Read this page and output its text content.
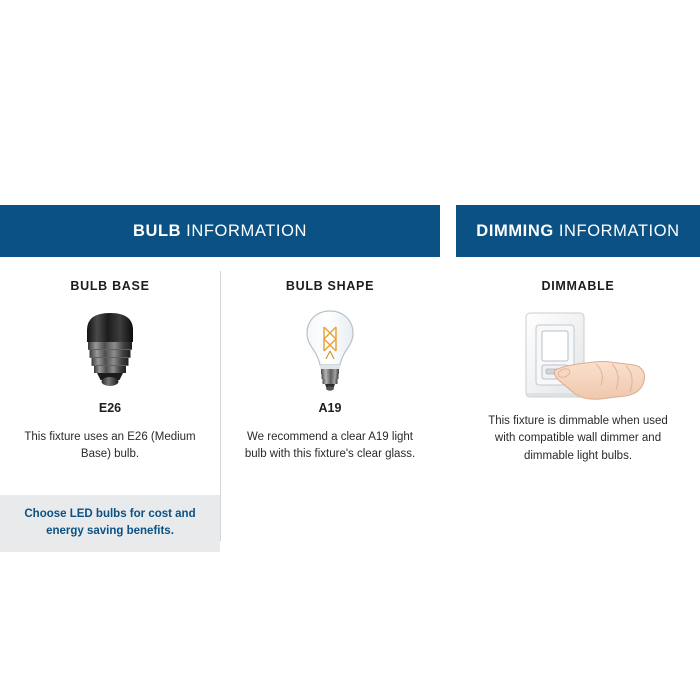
BULB INFORMATION
BULB BASE
E26

This fixture uses an E26 (Medium Base) bulb.

Choose LED bulbs for cost and energy saving benefits.
BULB SHAPE
A19

We recommend a clear A19 light bulb with this fixture's clear glass.

DIMMING INFORMATION
DIMMABLE

This fixture is dimmable when used with compatible wall dimmer and dimmable light bulbs.
